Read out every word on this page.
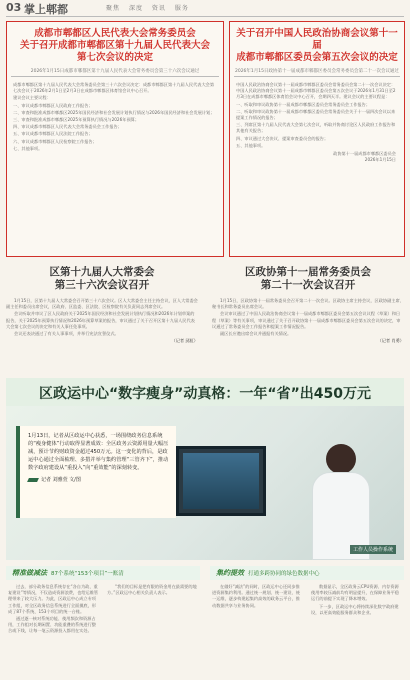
03 掌上郫都	聚焦 深度 资讯 服务
成都市郫都区人民代表大会常务委员会
关于召开成都市郫都区第十九届人民代表大会
第七次会议的决定
2026年1月15日成都市郫都区第十九届人民代表大会常务委员会第三十六次会议通过

成都市郫都区第十九届人民代表大会常务委员会第三十六次会议决定：成都市郫都区第十九届人民代表大会第七次会议于2026年2月1日至2月3日在成都市郫都区体育馆会议中心召开。

建议会议主要议程：

一、审议成都市郫都区人民政府工作报告；

二、审查和批准成都市郫都区2025年国民经济和社会发展计划执行情况与2026年国民经济和社会发展计划；

三、审查和批准成都市郫都区2025年预算执行情况与2026年预算；

四、审议成都市郫都区人民代表大会常务委员会工作报告；

五、审议成都市郫都区人民法院工作报告；

六、审议成都市郫都区人民检察院工作报告；

七、其他事项。

关于召开中国人民政治协商会议第十一届
成都市郫都区委员会第五次会议的决定
2026年1月15日政协第十一届成都市郫都区委员会常务委员会第二十一次会议通过

中国人民政治协商会议第十一届成都市郫都区委员会常务委员会第二十一次会议决定：中国人民政治协商会议第十一届成都市郫都区委员会第五次会议于2026年1月31日至2月3日在成都市郫都区体育馆会议中心召开，会期四天半。建议会议的主要议程是：

一、听取和审议政协第十一届成都市郫都区委员会常务委员会工作报告；

二、听取和审议政协第十一届成都市郫都区委员会常务委员会关于十一届四次会议以来提案工作情况的报告；

三、列席区第十九届人民代表大会第七次会议，听取并协商讨论区人民政府工作报告和其他有关报告；

四、审议通过大会决议、提案审查委员会的报告；

五、其他事项。

政协第十一届成都市郫都区委员会
2026年1月15日
区第十九届人大常委会
第三十六次会议召开

1月15日，区第十九届人大常委会召开第三十六次会议。区人大常委会主任主持会议，区人大常委会副主任和委员出席会议，区政府、区监委、区法院、区检察院有关负责同志列席会议。

会议听取并审议了区人民政府关于2025年国民经济和社会发展计划执行情况和2026年计划草案的报告，关于2025年预算执行情况和2026年预算草案的报告，审议通过了关于召开区第十九届人民代表大会第七次会议的决定和有关人事任免事项。

会议还表决通过了有关人事事项，并举行宪法宣誓仪式。

（记者 邱虹）
区政协第十一届常务委员会
第二十一次会议召开

1月15日，区政协第十一届常务委员会召开第二十一次会议。区政协主席主持会议，区政协副主席、秘书长和常务委员出席会议。

会议审议通过了中国人民政治协商会议第十一届成都市郫都区委员会第五次会议议程（草案）和日程（草案）等有关事项，审议通过了关于召开政协第十一届成都市郫都区委员会第五次会议的决定，审议通过了常务委员会工作报告和提案工作情况报告。

副区长应邀出席会议并通报有关情况。

（记者 肖勇）
区政运中心“数字瘦身”动真格：一年“省”出450万元
1月13日，记者从区政运中心获悉，一场围绕政务信息系统的“瘦身健体”行动取得显著成效：全区政务云资源用量大幅压减，预计节约财政资金超过450万元。这一变化的背后，是政运中心通过全面梳理、多措并举与集约管理“三管齐下”，推动数字政府建设从“重投入”向“重效能”的深刻转变。
记者 刘雅萱 文/图
工作人员操作系统
精准做减法 87个系统“153个项目”一账清

过去，部分政务信息系统存在“各自为政、重复建设”等情况，不仅造成资源浪费，也给运维管理带来了较大压力。为此，区政运中心成立专项工作组，对全区政务信息系统进行全面摸底，形成了87个系统、153个项目的统一台账。

通过逐一核对系统功能、使用频次和资源占用，工作组对长期闲置、功能重叠的系统进行整合或下线，让每一笔云资源投入都用在实处。

“我们的目标是把有限的资金用在最需要的地方。”区政运中心相关负责人表示。

集约提效 打通多跨协同的绿色数据中心

在做好“减法”的同时，区政运中心还同步推进资源集约利用。通过统一规划、统一建设、统一运维，逐步构建起集约高效的政务云平台，推动数据共享与业务协同。

数据显示，全区政务云CPU资源、内存资源使用率较压减前均有明显提升，在保障业务平稳运行的前提下实现了降本增效。

下一步，区政运中心将持续深化数字政府建设，以更高效能服务群众和企业。
